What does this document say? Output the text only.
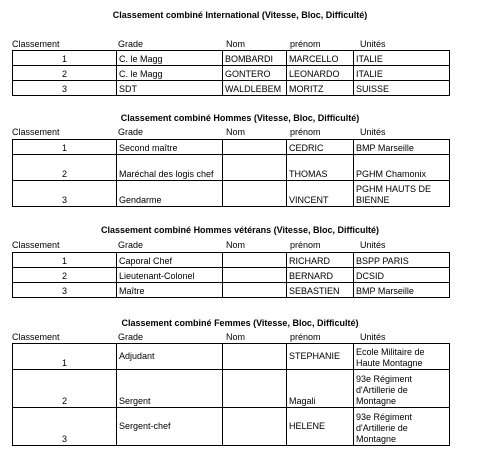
Classement combiné International (Vitesse, Bloc, Difficulté)
Classement	Grade	Nom	prénom	Unités
1	C. le Magg	BOMBARDI	MARCELLO	ITALIE
2	C. le Magg	GONTERO	LEONARDO	ITALIE
3	SDT	WALDLEBEM	MORITZ	SUISSE
Classement combiné Hommes (Vitesse, Bloc, Difficulté)
Classement	Grade	Nom	prénom	Unités
1	Second maître		CEDRIC	BMP Marseille
2	Maréchal des logis chef		THOMAS	PGHM Chamonix
3	Gendarme		VINCENT	PGHM HAUTS DE BIENNE
Classement combiné Hommes vétérans (Vitesse, Bloc, Difficulté)
Classement	Grade	Nom	prénom	Unités
1	Caporal Chef		RICHARD	BSPP PARIS
2	Lieutenant-Colonel		BERNARD	DCSID
3	Maître		SEBASTIEN	BMP Marseille
Classement combiné Femmes (Vitesse, Bloc, Difficulté)
Classement	Grade	Nom	prénom	Unités
1	Adjudant		STEPHANIE	Ecole Militaire de Haute Montagne
2	Sergent		Magali	93e Régiment d'Artillerie de Montagne
3	Sergent-chef		HELENE	93e Régiment d'Artillerie de Montagne
